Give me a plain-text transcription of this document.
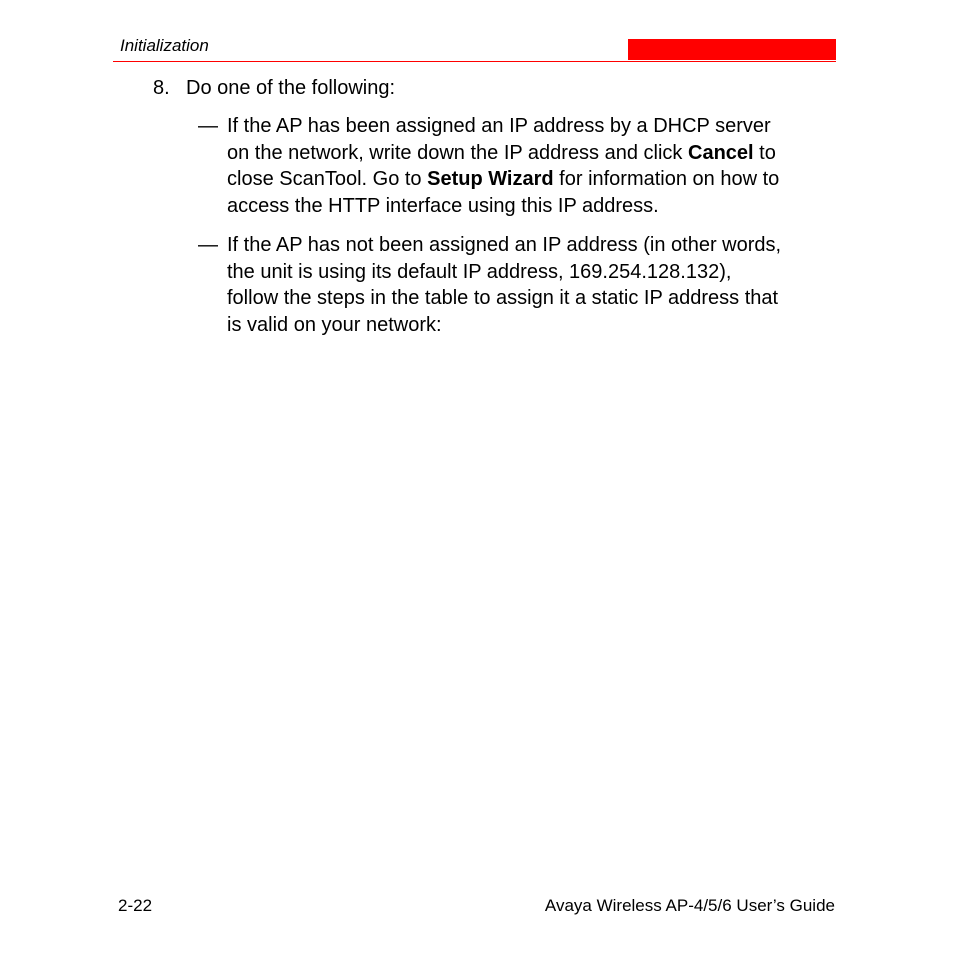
Initialization
8. Do one of the following:
— If the AP has been assigned an IP address by a DHCP server
on the network, write down the IP address and click Cancel to
close ScanTool. Go to Setup Wizard for information on how to
access the HTTP interface using this IP address.
— If the AP has not been assigned an IP address (in other words,
the unit is using its default IP address, 169.254.128.132),
follow the steps in the table to assign it a static IP address that
is valid on your network:
2-22	Avaya Wireless AP-4/5/6 User’s Guide
